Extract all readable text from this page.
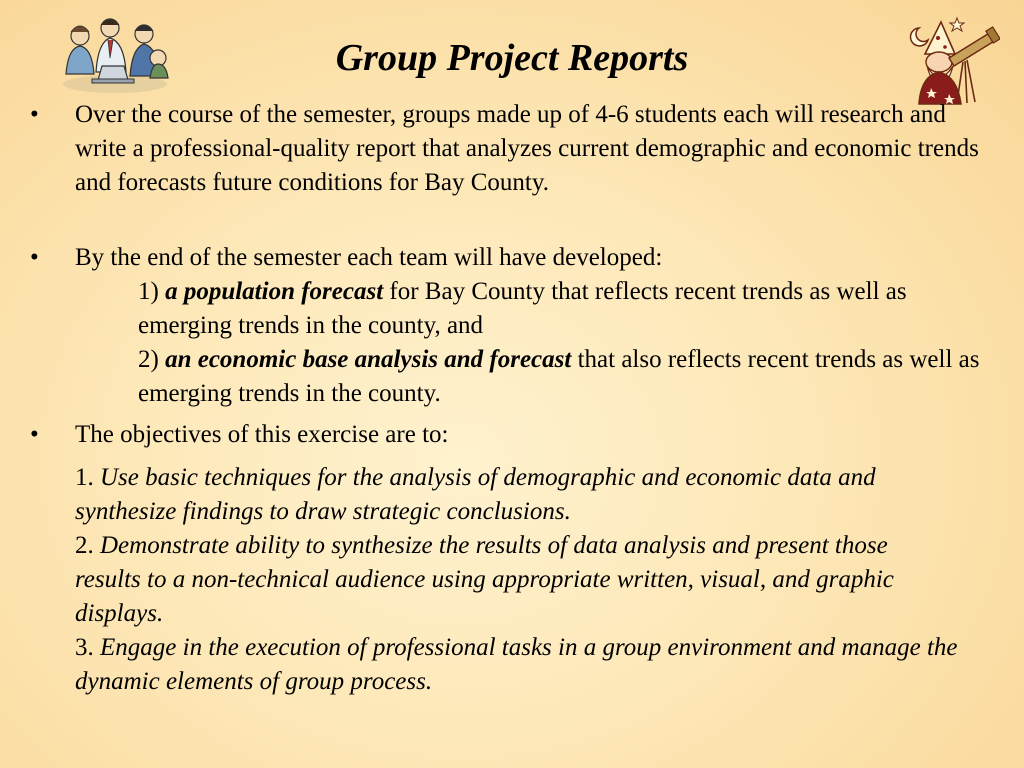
Group Project Reports
• Over the course of the semester, groups made up of 4-6 students each will research and write a professional-quality report that analyzes current demographic and economic trends and forecasts future conditions for Bay County.

• By the end of the semester each team will have developed:

1) a population forecast for Bay County that reflects recent trends as well as emerging trends in the county, and

2) an economic base analysis and forecast that also reflects recent trends as well as emerging trends in the county.

• The objectives of this exercise are to:

1. Use basic techniques for the analysis of demographic and economic data and synthesize findings to draw strategic conclusions.

2. Demonstrate ability to synthesize the results of data analysis and present those results to a non-technical audience using appropriate written, visual, and graphic displays.

3. Engage in the execution of professional tasks in a group environment and manage the dynamic elements of group process.
